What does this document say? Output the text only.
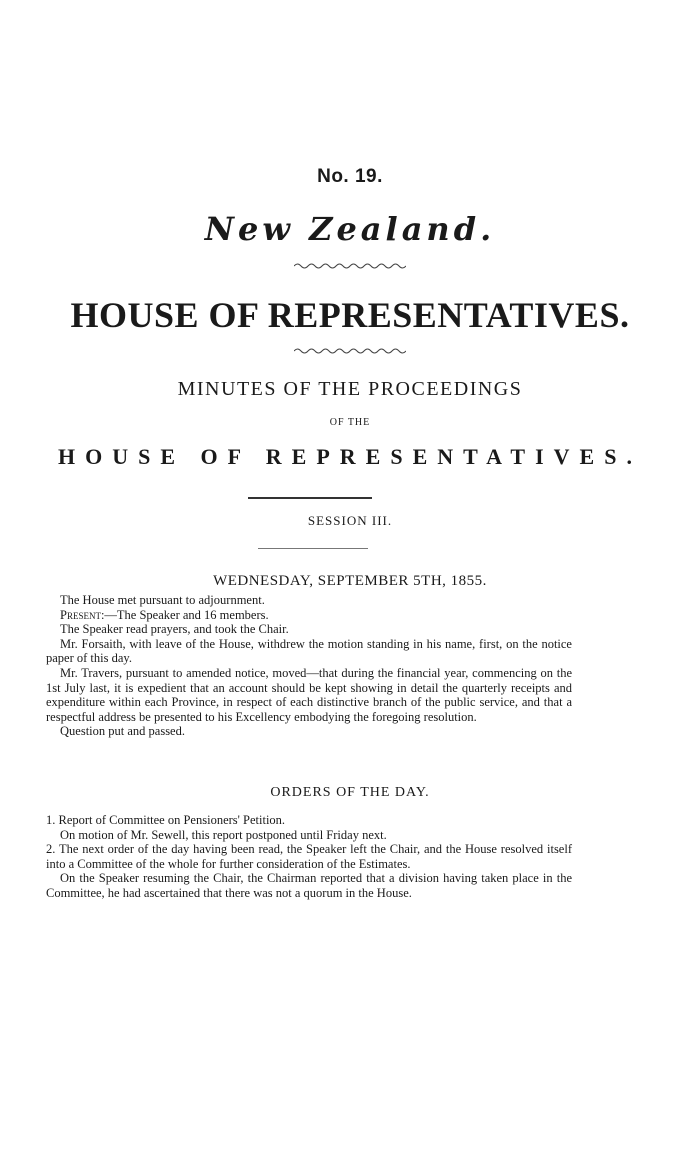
No. 19.
New Zealand.
HOUSE OF REPRESENTATIVES.
MINUTES OF THE PROCEEDINGS
OF THE
HOUSE OF REPRESENTATIVES.
SESSION III.
WEDNESDAY, SEPTEMBER 5TH, 1855.

The House met pursuant to adjournment.

Present:—The Speaker and 16 members.

The Speaker read prayers, and took the Chair.

Mr. Forsaith, with leave of the House, withdrew the motion standing in his name, first, on the notice paper of this day.

Mr. Travers, pursuant to amended notice, moved—that during the financial year, commencing on the 1st July last, it is expedient that an account should be kept showing in detail the quarterly receipts and expenditure within each Province, in respect of each distinctive branch of the public service, and that a respectful address be presented to his Excellency embodying the foregoing resolution.

Question put and passed.

ORDERS OF THE DAY.

1. Report of Committee on Pensioners' Petition.

On motion of Mr. Sewell, this report postponed until Friday next.

2. The next order of the day having been read, the Speaker left the Chair, and the House resolved itself into a Committee of the whole for further consideration of the Estimates.

On the Speaker resuming the Chair, the Chairman reported that a division having taken place in the Committee, he had ascertained that there was not a quorum in the House.
